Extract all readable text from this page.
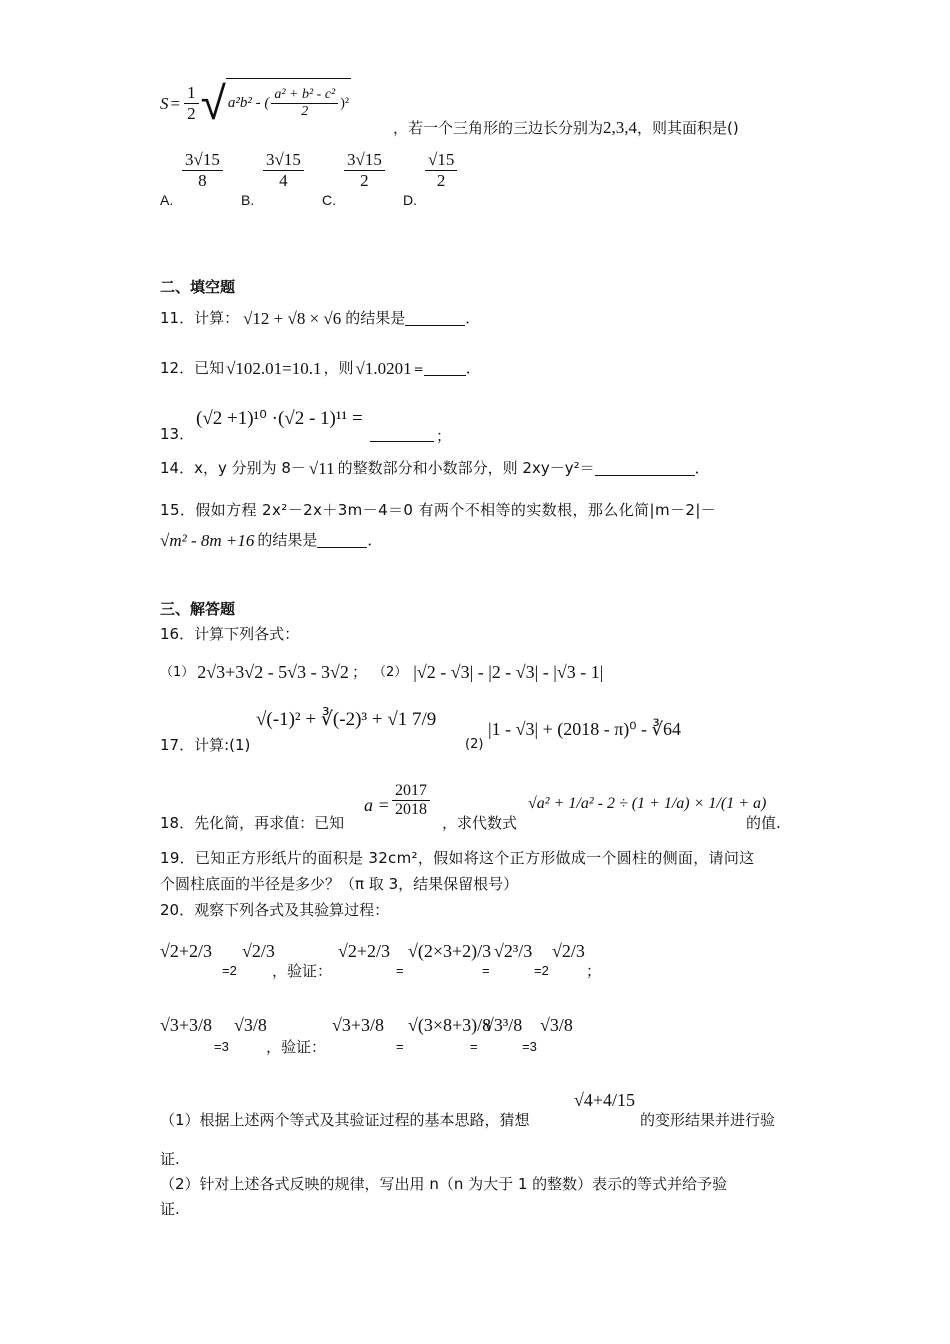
$S = \frac{1}{2}$ √ a²b² - ( $\frac{\text{a² + b² - c²}}{2} )^2$
，若一个三角形的三边长分别为2,3,4，则其面积是()
A.
$\frac{3√15}{8}$
B.
$\frac{3√15}{4}$
C.
$\frac{3√15}{2}$
D.
$\frac{√15}{2}$
二、填空题
11．计算： √12 + √8 × √6 的结果是	．
12．已知 √102.01=10.1 ，则 √1.0201 =	．
13．
(√2 +1)¹⁰ ·(√2 - 1)¹¹ =
；
14．x，y 分别为 8－ √11 的整数部分和小数部分，则 2xy－y²＝	．
15．假如方程 2x²－2x＋3m－4＝0 有两个不相等的实数根，那么化简|m－2|－
√m² - 8m +16 的结果是	．
三、解答题
16．计算下列各式：
（1） 2√3+3√2 - 5√3 - 3√2 ； （2） |√2 - √3| - |2 - √3| - |√3 - 1|
17．计算:(1)
√(-1)² + ∛(-2)³ + √1 7/9
(2)
|1 - √3| + (2018 - π)⁰ - ∛64
18．先化简，再求值：已知
$a = \frac{2017}{2018}$
，求代数式
√a² + 1/a² - 2 ÷ (1 + 1/a) × 1/(1 + a)
的值.
19．已知正方形纸片的面积是 32cm²，假如将这个正方形做成一个圆柱的侧面，请问这
个圆柱底面的半径是多少？（π 取 3，结果保留根号）
20．观察下列各式及其验算过程：
√2+2/3
=2
√2/3
，验证：
√2+2/3
=
√(2×3+2)/3
=
√2³/3
=2
√2/3
；
√3+3/8
=3
√3/8
，验证：
√3+3/8
=
√(3×8+3)/8
=
√3³/8
=3
√3/8
（1）根据上述两个等式及其验证过程的基本思路，猜想
√4+4/15
的变形结果并进行验
证.
（2）针对上述各式反映的规律，写出用 n（n 为大于 1 的整数）表示的等式并给予验
证.
